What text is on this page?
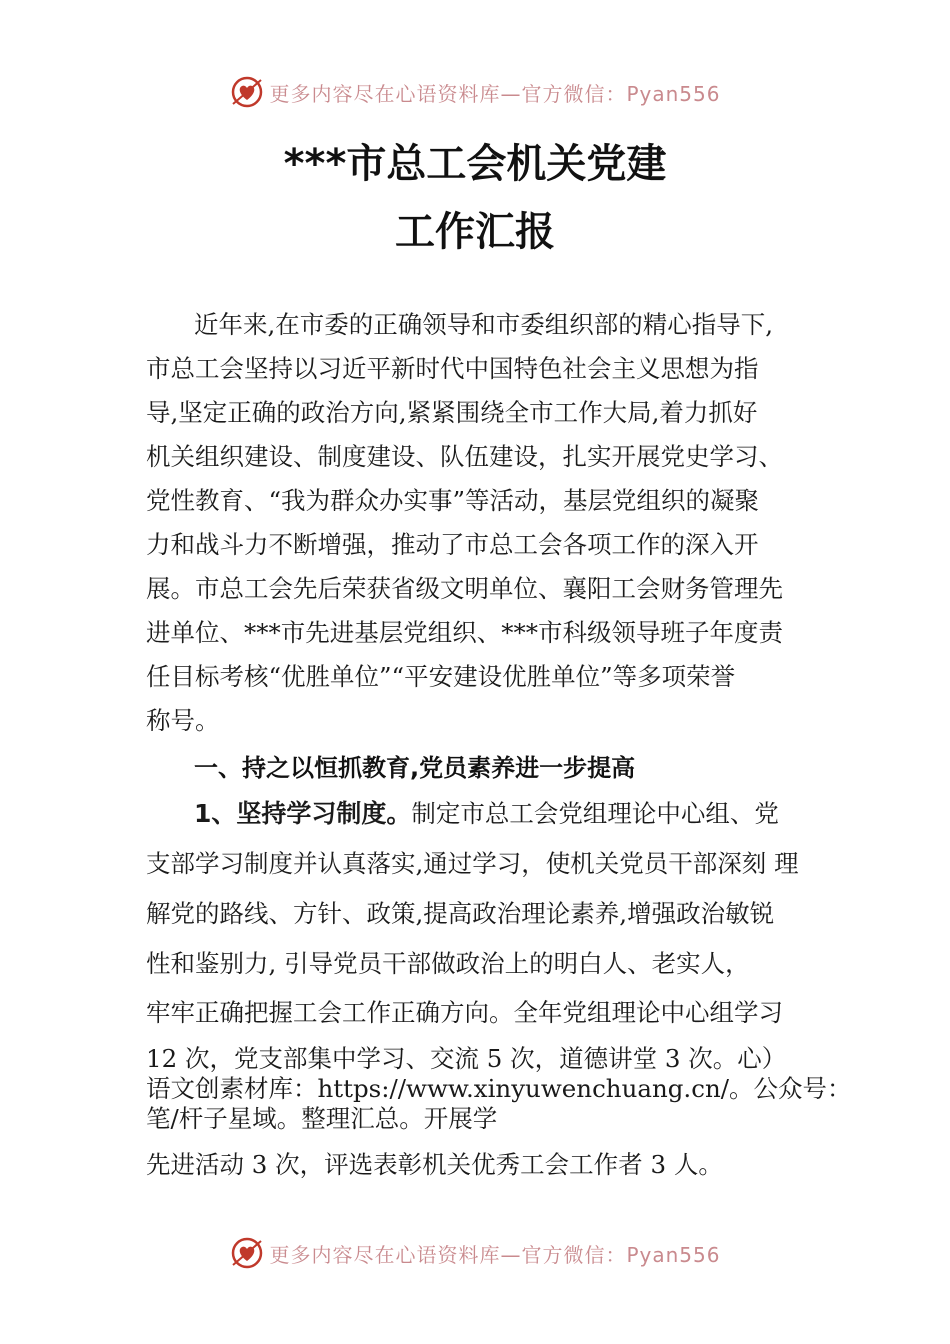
更多内容尽在心语资料库—官方微信：Pyan556
***市总工会机关党建
工作汇报
近年来,在市委的正确领导和市委组织部的精心指导下,
市总工会坚持以习近平新时代中国特色社会主义思想为指
导,坚定正确的政治方向,紧紧围绕全市工作大局,着力抓好
机关组织建设、制度建设、队伍建设，扎实开展党史学习、
党性教育、“我为群众办实事”等活动，基层党组织的凝聚
力和战斗力不断增强，推动了市总工会各项工作的深入开
展。市总工会先后荣获省级文明单位、襄阳工会财务管理先
进单位、***市先进基层党组织、***市科级领导班子年度责
任目标考核“优胜单位”“平安建设优胜单位”等多项荣誉
称号。
一、持之以恒抓教育,党员素养进一步提高
1、坚持学习制度。制定市总工会党组理论中心组、党
支部学习制度并认真落实,通过学习，使机关党员干部深刻 理
解党的路线、方针、政策,提高政治理论素养,增强政治敏锐
性和鉴别力, 引导党员干部做政治上的明白人、老实人，
牢牢正确把握工会工作正确方向。全年党组理论中心组学习
12 次，党支部集中学习、交流 5 次，道德讲堂 3 次。心）
语文创素材库：https://www.xinyuwenchuang.cn/。公众号：
笔/杆子星域。整理汇总。开展学
先进活动 3 次，评选表彰机关优秀工会工作者 3 人。
更多内容尽在心语资料库—官方微信：Pyan556
